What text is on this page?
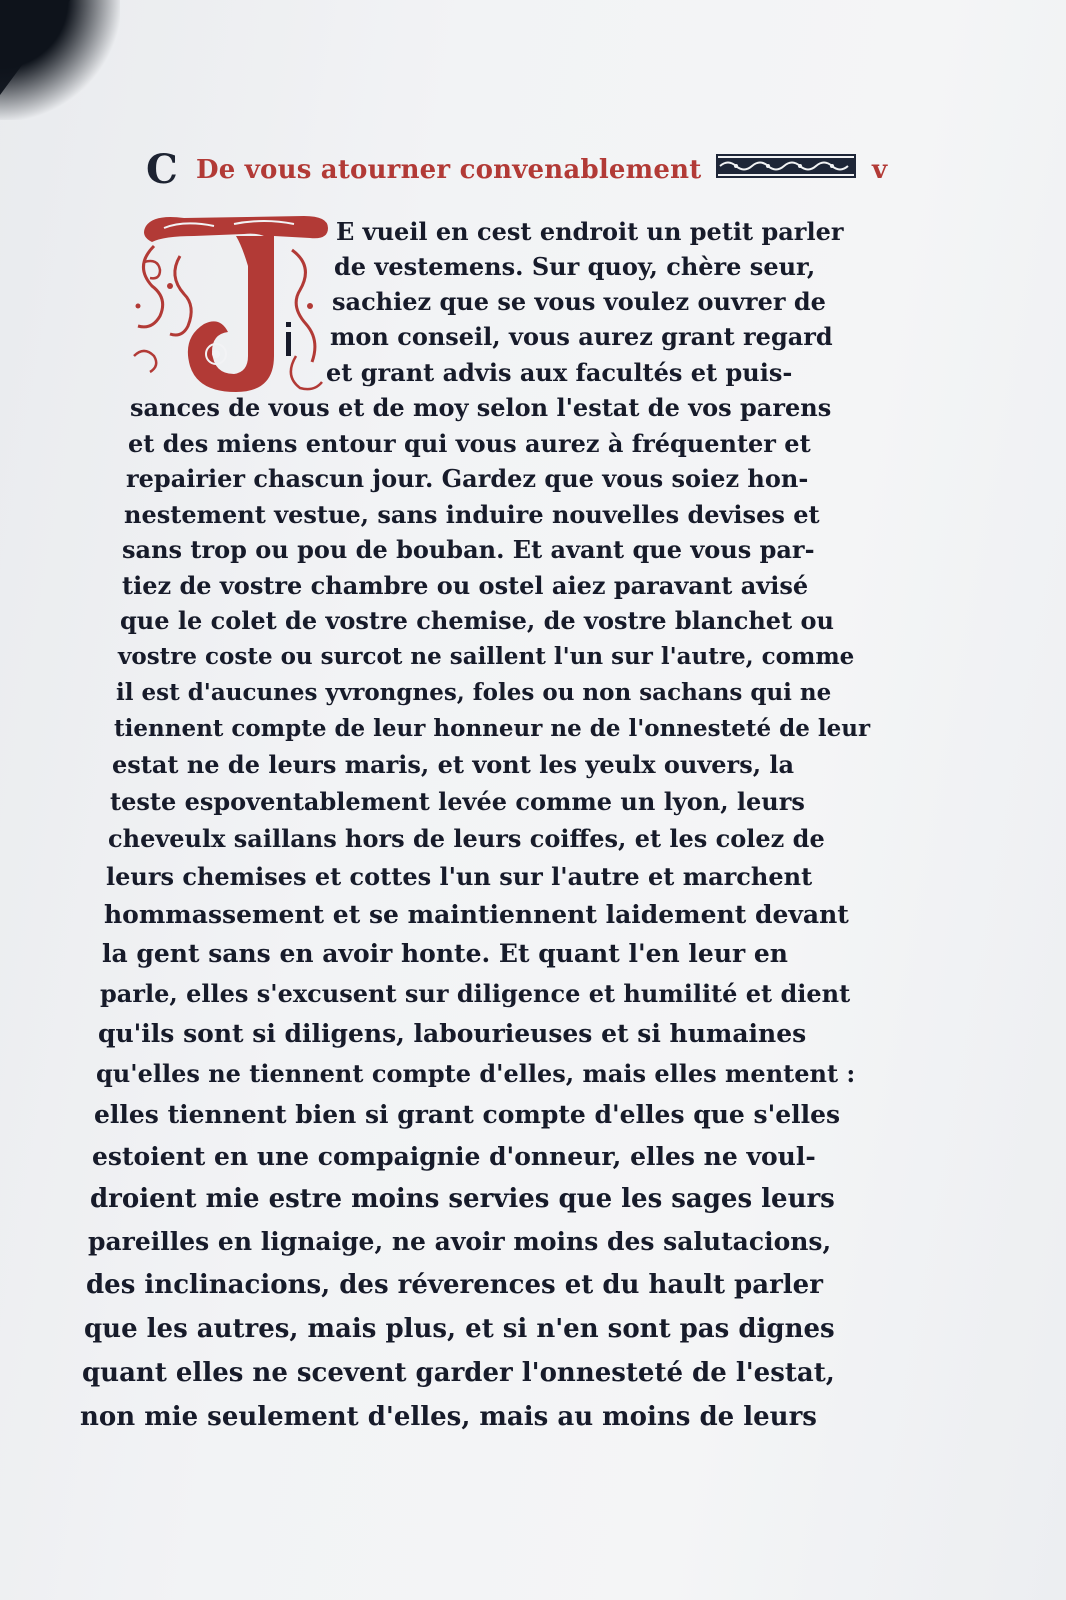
C De vous atourner convenablement	v
E vueil en cest endroit un petit parler
de vestemens. Sur quoy, chère seur,
sachiez que se vous voulez ouvrer de
mon conseil, vous aurez grant regard
et grant advis aux facultés et puis-
sances de vous et de moy selon l'estat de vos parens
et des miens entour qui vous aurez à fréquenter et
repairier chascun jour. Gardez que vous soiez hon-
nestement vestue, sans induire nouvelles devises et
sans trop ou pou de bouban. Et avant que vous par-
tiez de vostre chambre ou ostel aiez paravant avisé
que le colet de vostre chemise, de vostre blanchet ou
vostre coste ou surcot ne saillent l'un sur l'autre, comme
il est d'aucunes yvrongnes, foles ou non sachans qui ne
tiennent compte de leur honneur ne de l'onnesteté de leur
estat ne de leurs maris, et vont les yeulx ouvers, la
teste espoventablement levée comme un lyon, leurs
cheveulx saillans hors de leurs coiffes, et les colez de
leurs chemises et cottes l'un sur l'autre et marchent
hommassement et se maintiennent laidement devant
la gent sans en avoir honte. Et quant l'en leur en
parle, elles s'excusent sur diligence et humilité et dient
qu'ils sont si diligens, labourieuses et si humaines
qu'elles ne tiennent compte d'elles, mais elles mentent :
elles tiennent bien si grant compte d'elles que s'elles
estoient en une compaignie d'onneur, elles ne voul-
droient mie estre moins servies que les sages leurs
pareilles en lignaige, ne avoir moins des salutacions,
des inclinacions, des réverences et du hault parler
que les autres, mais plus, et si n'en sont pas dignes
quant elles ne scevent garder l'onnesteté de l'estat,
non mie seulement d'elles, mais au moins de leurs
